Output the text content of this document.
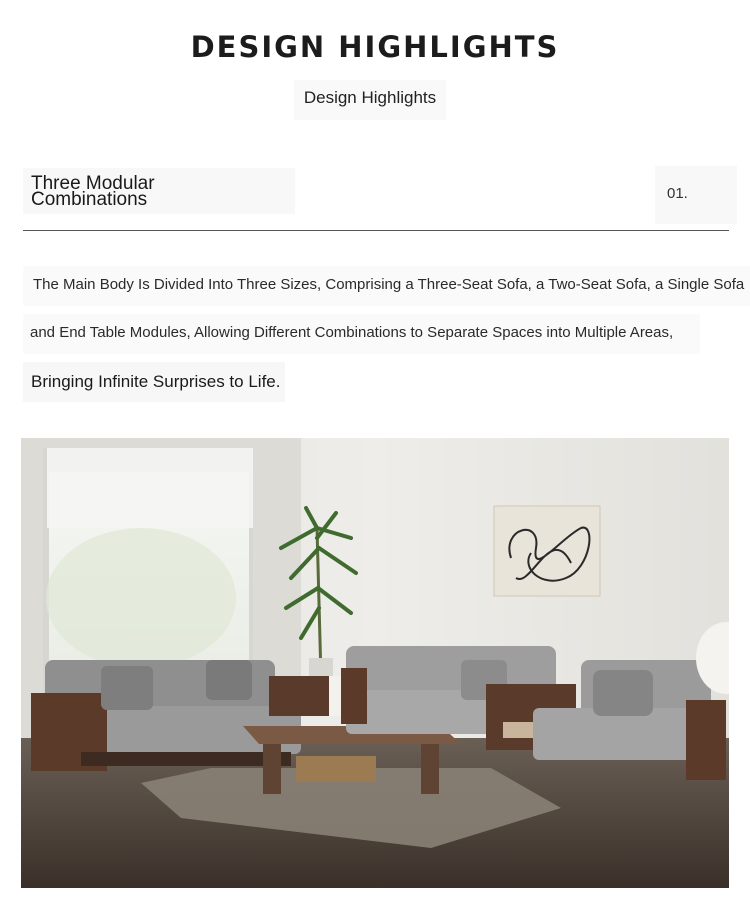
DESIGN HIGHLIGHTS
Design Highlights
Three Modular
Combinations	01.
The Main Body Is Divided Into Three Sizes, Comprising a Three-Seat Sofa, a Two-Seat Sofa, a Single Sofa
and End Table Modules, Allowing Different Combinations to Separate Spaces into Multiple Areas,
Bringing Infinite Surprises to Life.
